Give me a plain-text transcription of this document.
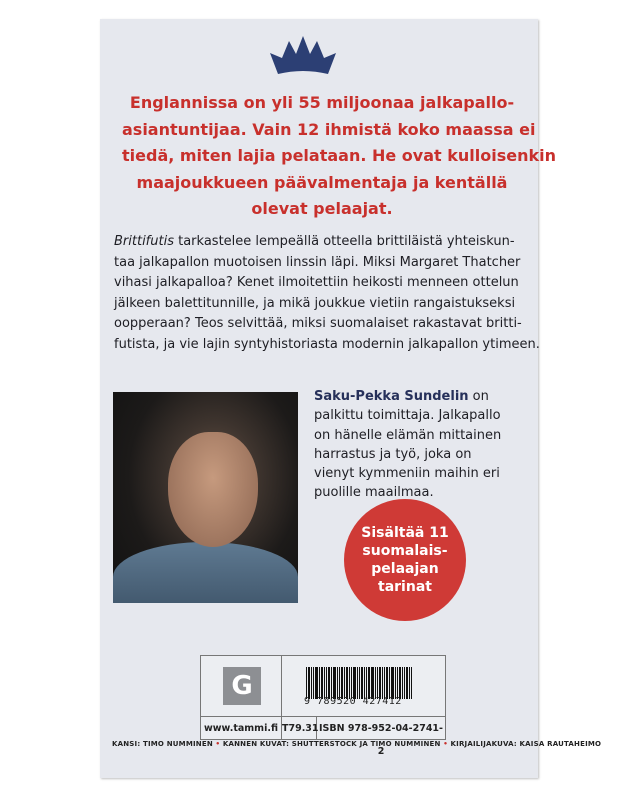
Englannissa on yli 55 miljoonaa jalkapallo-
asiantuntijaa. Vain 12 ihmistä koko maassa ei
tiedä, miten lajia pelataan. He ovat kulloisenkin
maajoukkueen päävalmentaja ja kentällä
olevat pelaajat.
Brittifutis tarkastelee lempeällä otteella brittiläistä yhteiskun-
taa jalkapallon muotoisen linssin läpi. Miksi Margaret Thatcher
vihasi jalkapalloa? Kenet ilmoitettiin heikosti menneen ottelun
jälkeen balettitunnille, ja mikä joukkue vietiin rangaistukseksi
oopperaan? Teos selvittää, miksi suomalaiset rakastavat britti-
futista, ja vie lajin syntyhistoriasta modernin jalkapallon ytimeen.
Saku-Pekka Sundelin on
palkittu toimittaja. Jalkapallo
on hänelle elämän mittainen
harrastus ja työ, joka on
vienyt kymmeniin maihin eri
puolille maailmaa.
Sisältää 11
suomalais-
pelaajan
tarinat
G
9 789520 427412
www.tammi.fi T79.31 ISBN 978-952-04-2741-2
KANSI: TIMO NUMMINEN • KANNEN KUVAT: SHUTTERSTOCK JA TIMO NUMMINEN • KIRJAILIJAKUVA: KAISA RAUTAHEIMO
